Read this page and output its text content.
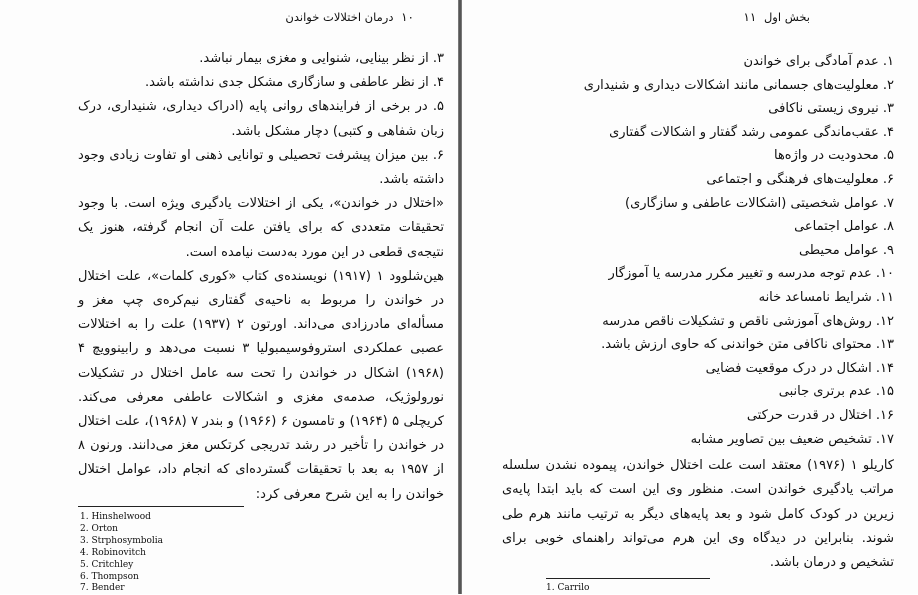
۱۰ درمان اختلالات خواندن

۳. از نظر بینایی، شنوایی و مغزی بیمار نباشد.

۴. از نظر عاطفی و سازگاری مشکل جدی نداشته باشد.

۵. در برخی از فرایندهای روانی پایه (ادراک دیداری، شنیداری، درک زبان شفاهی و کتبی) دچار مشکل باشد.

۶. بین میزان پیشرفت تحصیلی و توانایی ذهنی او تفاوت زیادی وجود داشته باشد.

«اختلال در خواندن»، یکی از اختلالات یادگیری ویژه است. با وجود تحقیقات متعددی که برای یافتن علت آن انجام گرفته، هنوز یک نتیجه‌ی قطعی در این مورد به‌دست نیامده است.

هین‌شلوود ۱ (۱۹۱۷) نویسنده‌ی کتاب «کوری کلمات»، علت اختلال در خواندن را مربوط به ناحیه‌ی گفتاری نیم‌کره‌ی چپ مغز و مسأله‌ای مادرزادی می‌داند. اورتون ۲ (۱۹۳۷) علت را به اختلالات عصبی عملکردی استروفوسیمبولیا ۳ نسبت می‌دهد و رابینوویچ ۴ (۱۹۶۸) اشکال در خواندن را تحت سه عامل اختلال در تشکیلات نورولوژیک، صدمه‌ی مغزی و اشکالات عاطفی معرفی می‌کند. کریچلی ۵ (۱۹۶۴) و تامسون ۶ (۱۹۶۶) و بندر ۷ (۱۹۶۸)، علت اختلال در خواندن را تأخیر در رشد تدریجی کرتکس مغز می‌دانند. ورنون ۸ از ۱۹۵۷ به بعد با تحقیقات گسترده‌ای که انجام داد، عوامل اختلال خواندن را به این شرح معرفی کرد:

1. Hinshelwood
2. Orton
3. Strphosymbolia
4. Robinovitch
5. Critchley
6. Thompson
7. Bender
بخش اول ۱۱
۱. عدم آمادگی برای خواندن
۲. معلولیت‌های جسمانی مانند اشکالات دیداری و شنیداری
۳. نیروی زیستی ناکافی
۴. عقب‌ماندگی عمومی رشد گفتار و اشکالات گفتاری
۵. محدودیت در واژه‌ها
۶. معلولیت‌های فرهنگی و اجتماعی
۷. عوامل شخصیتی (اشکالات عاطفی و سازگاری)
۸. عوامل اجتماعی
۹. عوامل محیطی
۱۰. عدم توجه مدرسه و تغییر مکرر مدرسه یا آموزگار
۱۱. شرایط نامساعد خانه
۱۲. روش‌های آموزشی ناقص و تشکیلات ناقص مدرسه
۱۳. محتوای ناکافی متن خواندنی که حاوی ارزش باشد.
۱۴. اشکال در درک موقعیت فضایی
۱۵. عدم برتری جانبی
۱۶. اختلال در قدرت حرکتی
۱۷. تشخیص ضعیف بین تصاویر مشابه
کاریلو ۱ (۱۹۷۶) معتقد است علت اختلال خواندن، پیموده نشدن سلسله مراتب یادگیری خواندن است. منظور وی این است که باید ابتدا پایه‌ی زیرین در کودک کامل شود و بعد پایه‌های دیگر به ترتیب مانند هرم طی شوند. بنابراین در دیدگاه وی این هرم می‌تواند راهنمای خوبی برای تشخیص و درمان باشد.
1. Carrilo
